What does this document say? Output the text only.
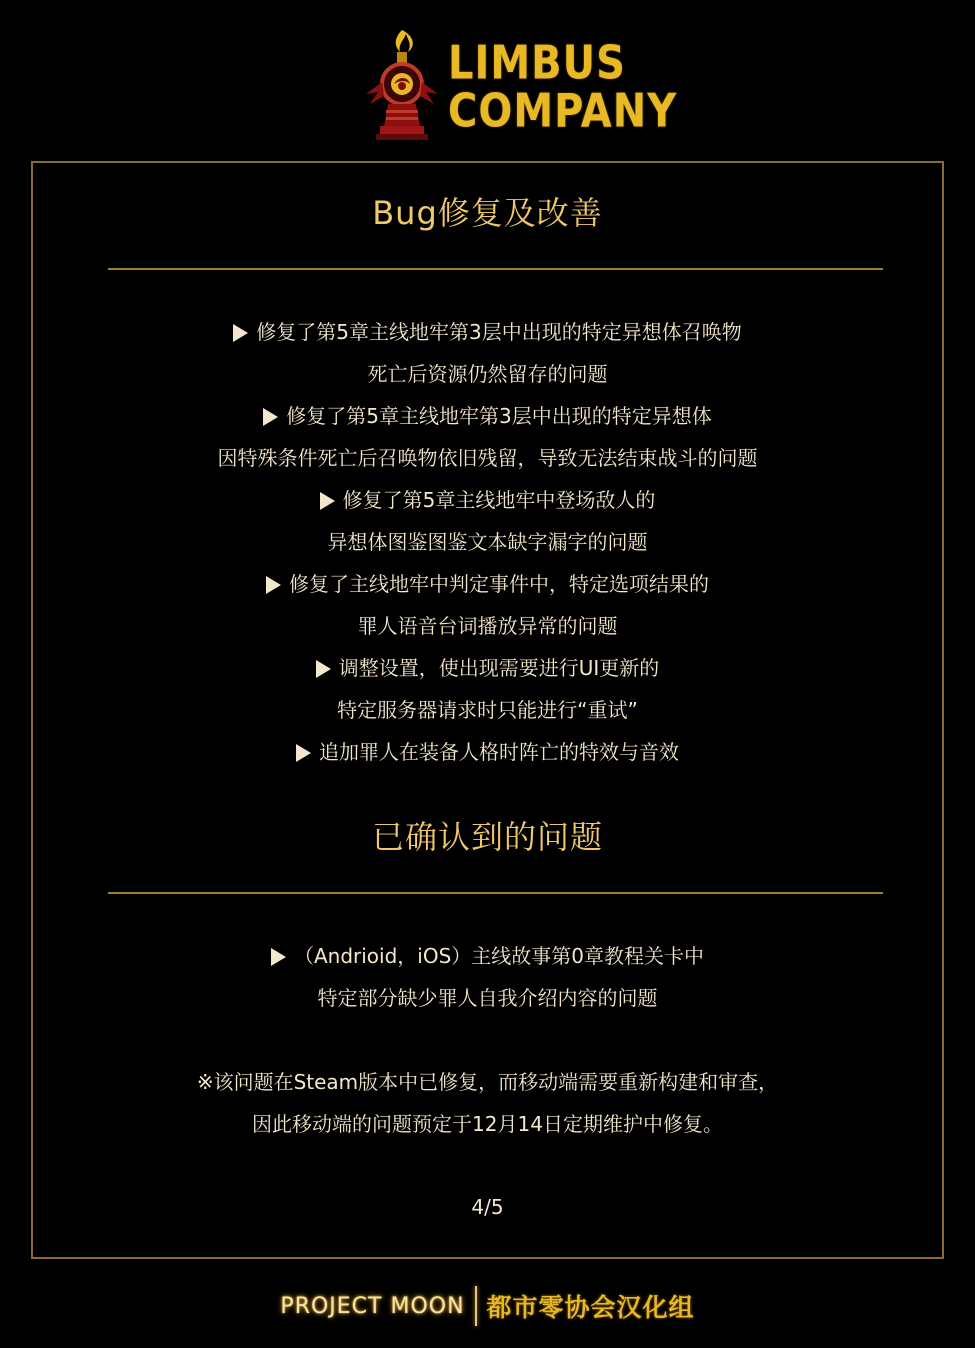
LIMBUS
COMPANY
Bug修复及改善
修复了第5章主线地牢第3层中出现的特定异想体召唤物
死亡后资源仍然留存的问题
修复了第5章主线地牢第3层中出现的特定异想体
因特殊条件死亡后召唤物依旧残留，导致无法结束战斗的问题
修复了第5章主线地牢中登场敌人的
异想体图鉴图鉴文本缺字漏字的问题
修复了主线地牢中判定事件中，特定选项结果的
罪人语音台词播放异常的问题
调整设置，使出现需要进行UI更新的
特定服务器请求时只能进行“重试”
追加罪人在装备人格时阵亡的特效与音效
已确认到的问题
（Andrioid，iOS）主线故事第0章教程关卡中
特定部分缺少罪人自我介绍内容的问题
※该问题在Steam版本中已修复，而移动端需要重新构建和审查，
因此移动端的问题预定于12月14日定期维护中修复。
4/5
PROJECT MOON 都市零协会汉化组
